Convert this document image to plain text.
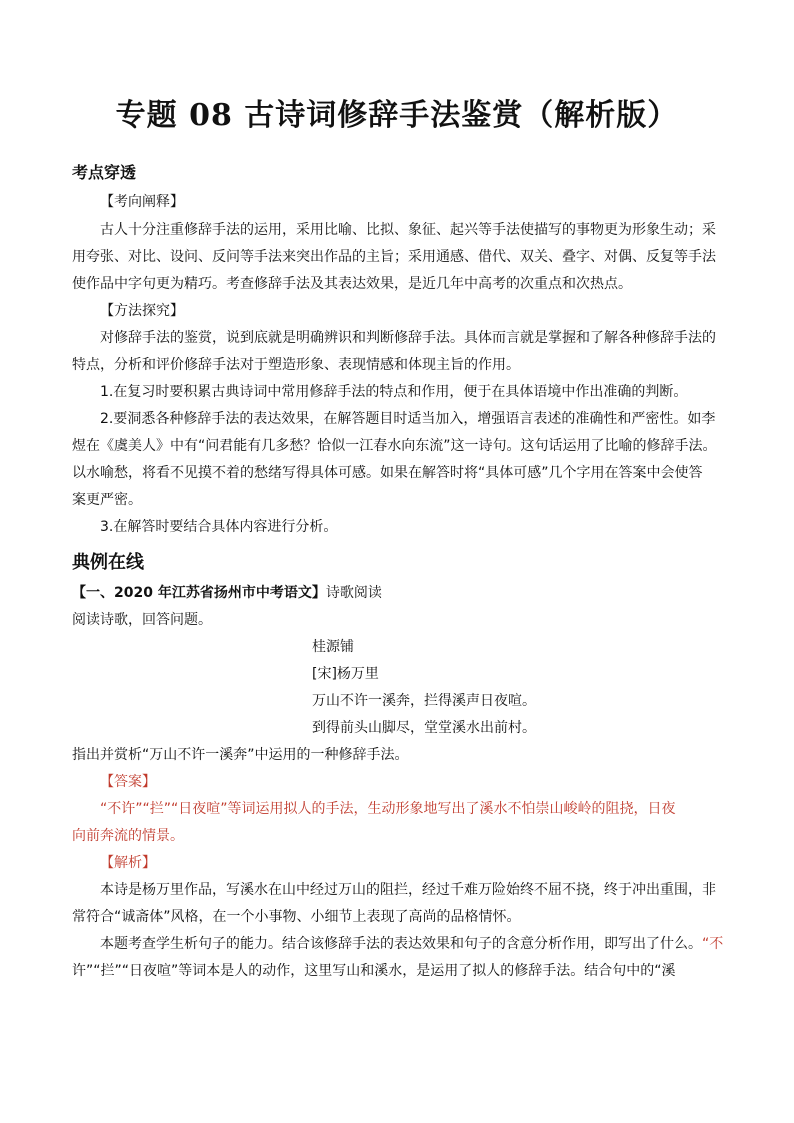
专题 08 古诗词修辞手法鉴赏（解析版）
考点穿透
【考向阐释】
古人十分注重修辞手法的运用，采用比喻、比拟、象征、起兴等手法使描写的事物更为形象生动；采
用夸张、对比、设问、反问等手法来突出作品的主旨；采用通感、借代、双关、叠字、对偶、反复等手法
使作品中字句更为精巧。考查修辞手法及其表达效果，是近几年中高考的次重点和次热点。
【方法探究】
对修辞手法的鉴赏，说到底就是明确辨识和判断修辞手法。具体而言就是掌握和了解各种修辞手法的
特点，分析和评价修辞手法对于塑造形象、表现情感和体现主旨的作用。
1.在复习时要积累古典诗词中常用修辞手法的特点和作用，便于在具体语境中作出准确的判断。
2.要洞悉各种修辞手法的表达效果，在解答题目时适当加入，增强语言表述的准确性和严密性。如李
煜在《虞美人》中有“问君能有几多愁？恰似一江春水向东流”这一诗句。这句话运用了比喻的修辞手法。
以水喻愁，将看不见摸不着的愁绪写得具体可感。如果在解答时将“具体可感”几个字用在答案中会使答
案更严密。
3.在解答时要结合具体内容进行分析。
典例在线
【一、2020 年江苏省扬州市中考语文】诗歌阅读
阅读诗歌，回答问题。
桂源铺
[宋]杨万里
万山不许一溪奔，拦得溪声日夜喧。
到得前头山脚尽，堂堂溪水出前村。
指出并赏析“万山不许一溪奔”中运用的一种修辞手法。
【答案】
“不许”“拦”“日夜喧”等词运用拟人的手法，生动形象地写出了溪水不怕崇山峻岭的阻挠，日夜
向前奔流的情景。
【解析】
本诗是杨万里作品，写溪水在山中经过万山的阻拦，经过千难万险始终不屈不挠，终于冲出重围，非
常符合“诚斋体”风格，在一个小事物、小细节上表现了高尚的品格情怀。
本题考查学生析句子的能力。结合该修辞手法的表达效果和句子的含意分析作用，即写出了什么。“不
许”“拦”“日夜喧”等词本是人的动作，这里写山和溪水，是运用了拟人的修辞手法。结合句中的“溪
